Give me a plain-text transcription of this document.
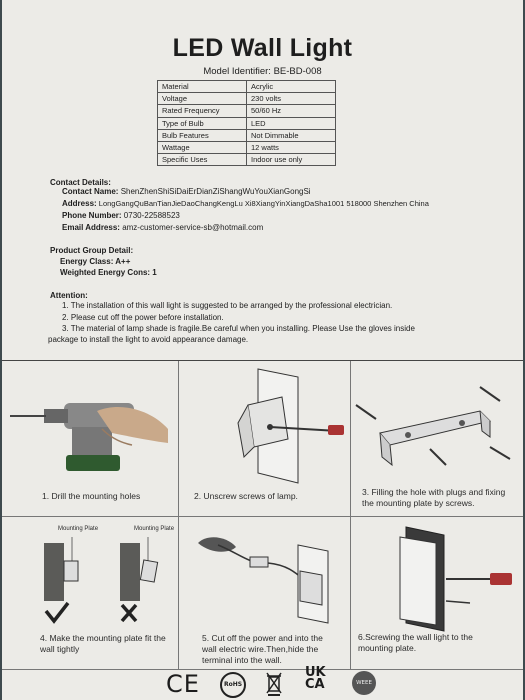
LED Wall Light
Model Identifier: BE-BD-008
Material	Acrylic
Voltage	230 volts
Rated Frequency	50/60 Hz
Type of Bulb	LED
Bulb Features	Not Dimmable
Wattage	12 watts
Specific Uses	Indoor use only
Contact Details:
Contact Name: ShenZhenShiSiDaiErDianZiShangWuYouXianGongSi
Address: LongGangQuBanTianJieDaoChangKengLu Xi8XiangYinXiangDaSha1001 518000 Shenzhen China
Phone Number: 0730-22588523
Email Address: amz-customer-service-sb@hotmail.com
Product Group Detail:
Energy Class: A++
Weighted Energy Cons: 1

Attention:

1. The installation of this wall light is suggested to be arranged by the professional electrician.

2. Please cut off the power before installation.

3. The material of lamp shade is fragile.Be careful when you installing. Please Use the gloves inside

package to install the light to avoid appearance damage.

1. Drill the mounting holes	2. Unscrew screws of lamp.	3. Filling the hole with plugs and fixing
the mounting plate by screws.
Mounting Plate	Mounting Plate
4. Make the mounting plate fit the
wall tightly
5. Cut off the power and into the
wall electric wire.Then,hide the
terminal into the wall.
6.Screwing the wall light to the
mounting plate.
CE	RoHS
UK
CA	WEEE
